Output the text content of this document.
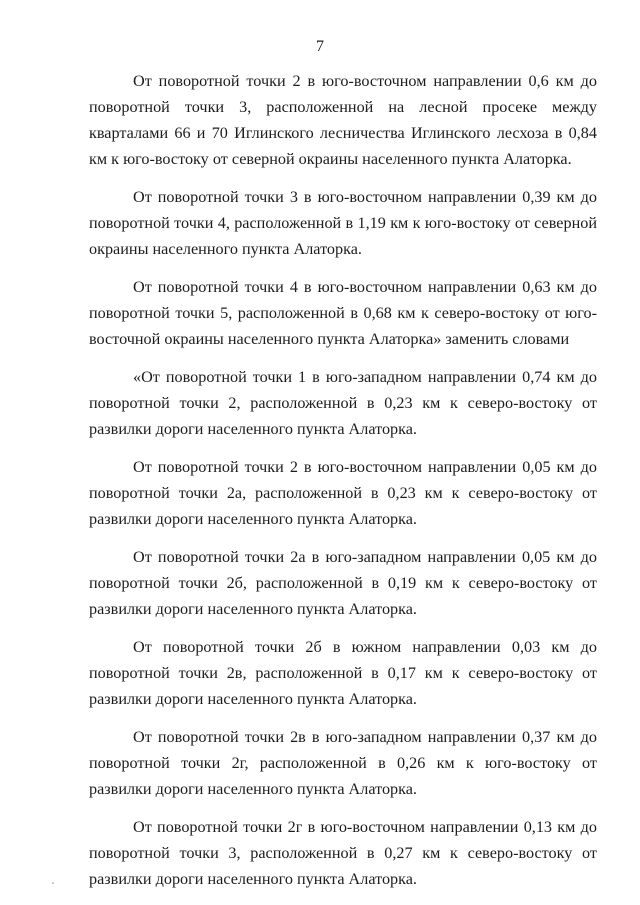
7

От поворотной точки 2 в юго-восточном направлении 0,6 км до поворотной точки 3, расположенной на лесной просеке между кварталами 66 и 70 Иглинского лесничества Иглинского лесхоза в 0,84 км к юго-востоку от северной окраины населенного пункта Алаторка.

От поворотной точки 3 в юго-восточном направлении 0,39 км до поворотной точки 4, расположенной в 1,19 км к юго-востоку от северной окраины населенного пункта Алаторка.

От поворотной точки 4 в юго-восточном направлении 0,63 км до поворотной точки 5, расположенной в 0,68 км к северо-востоку от юго-восточной окраины населенного пункта Алаторка» заменить словами

«От поворотной точки 1 в юго-западном направлении 0,74 км до поворотной точки 2, расположенной в 0,23 км к северо-востоку от развилки дороги населенного пункта Алаторка.

От поворотной точки 2 в юго-восточном направлении 0,05 км до поворотной точки 2а, расположенной в 0,23 км к северо-востоку от развилки дороги населенного пункта Алаторка.

От поворотной точки 2а в юго-западном направлении 0,05 км до поворотной точки 2б, расположенной в 0,19 км к северо-востоку от развилки дороги населенного пункта Алаторка.

От поворотной точки 2б в южном направлении 0,03 км до поворотной точки 2в, расположенной в 0,17 км к северо-востоку от развилки дороги населенного пункта Алаторка.

От поворотной точки 2в в юго-западном направлении 0,37 км до поворотной точки 2г, расположенной в 0,26 км к юго-востоку от развилки дороги населенного пункта Алаторка.

От поворотной точки 2г в юго-восточном направлении 0,13 км до поворотной точки 3, расположенной в 0,27 км к северо-востоку от развилки дороги населенного пункта Алаторка.
